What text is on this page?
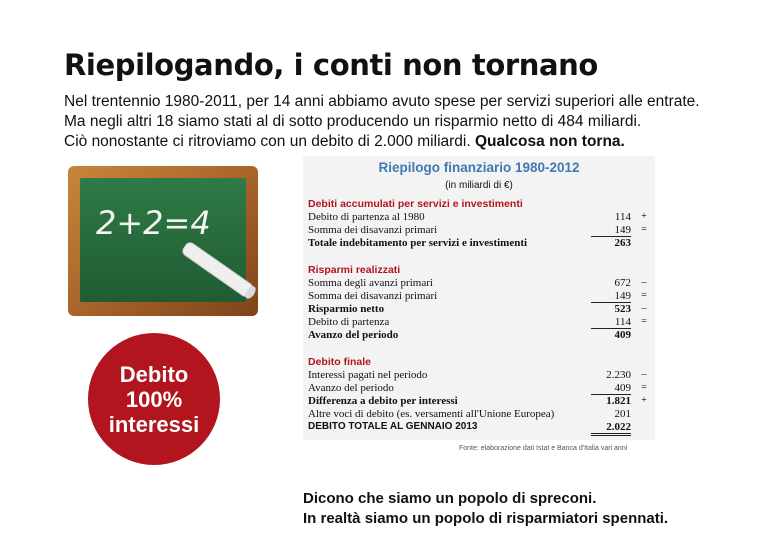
Riepilogando, i conti non tornano
Nel trentennio 1980-2011, per 14 anni abbiamo avuto spese per servizi superiori alle entrate.
Ma negli altri 18 siamo stati al di sotto producendo un risparmio netto di 484 miliardi.
Ciò nonostante ci ritroviamo con un debito di 2.000 miliardi. Qualcosa non torna.
2+2=4
Debito
100%
interessi
Riepilogo finanziario 1980-2012
(in miliardi di €)
Debiti accumulati per servizi e investimenti
Debito di partenza al 1980	114	+
Somma dei disavanzi primari	149	=
Totale indebitamento per servizi e investimenti	263
Risparmi realizzati
Somma degli avanzi primari	672	–
Somma dei disavanzi primari	149	=
Risparmio netto	523	–
Debito di partenza	114	=
Avanzo del periodo	409
Debito finale
Interessi pagati nel periodo	2.230	–
Avanzo del periodo	409	=
Differenza a debito per interessi	1.821	+
Altre voci di debito (es. versamenti all'Unione Europea)	201
DEBITO TOTALE AL GENNAIO 2013	2.022
Fonte: elaborazione dati Istat e Banca d'Italia vari anni
Dicono che siamo un popolo di spreconi.
In realtà siamo un popolo di risparmiatori spennati.
